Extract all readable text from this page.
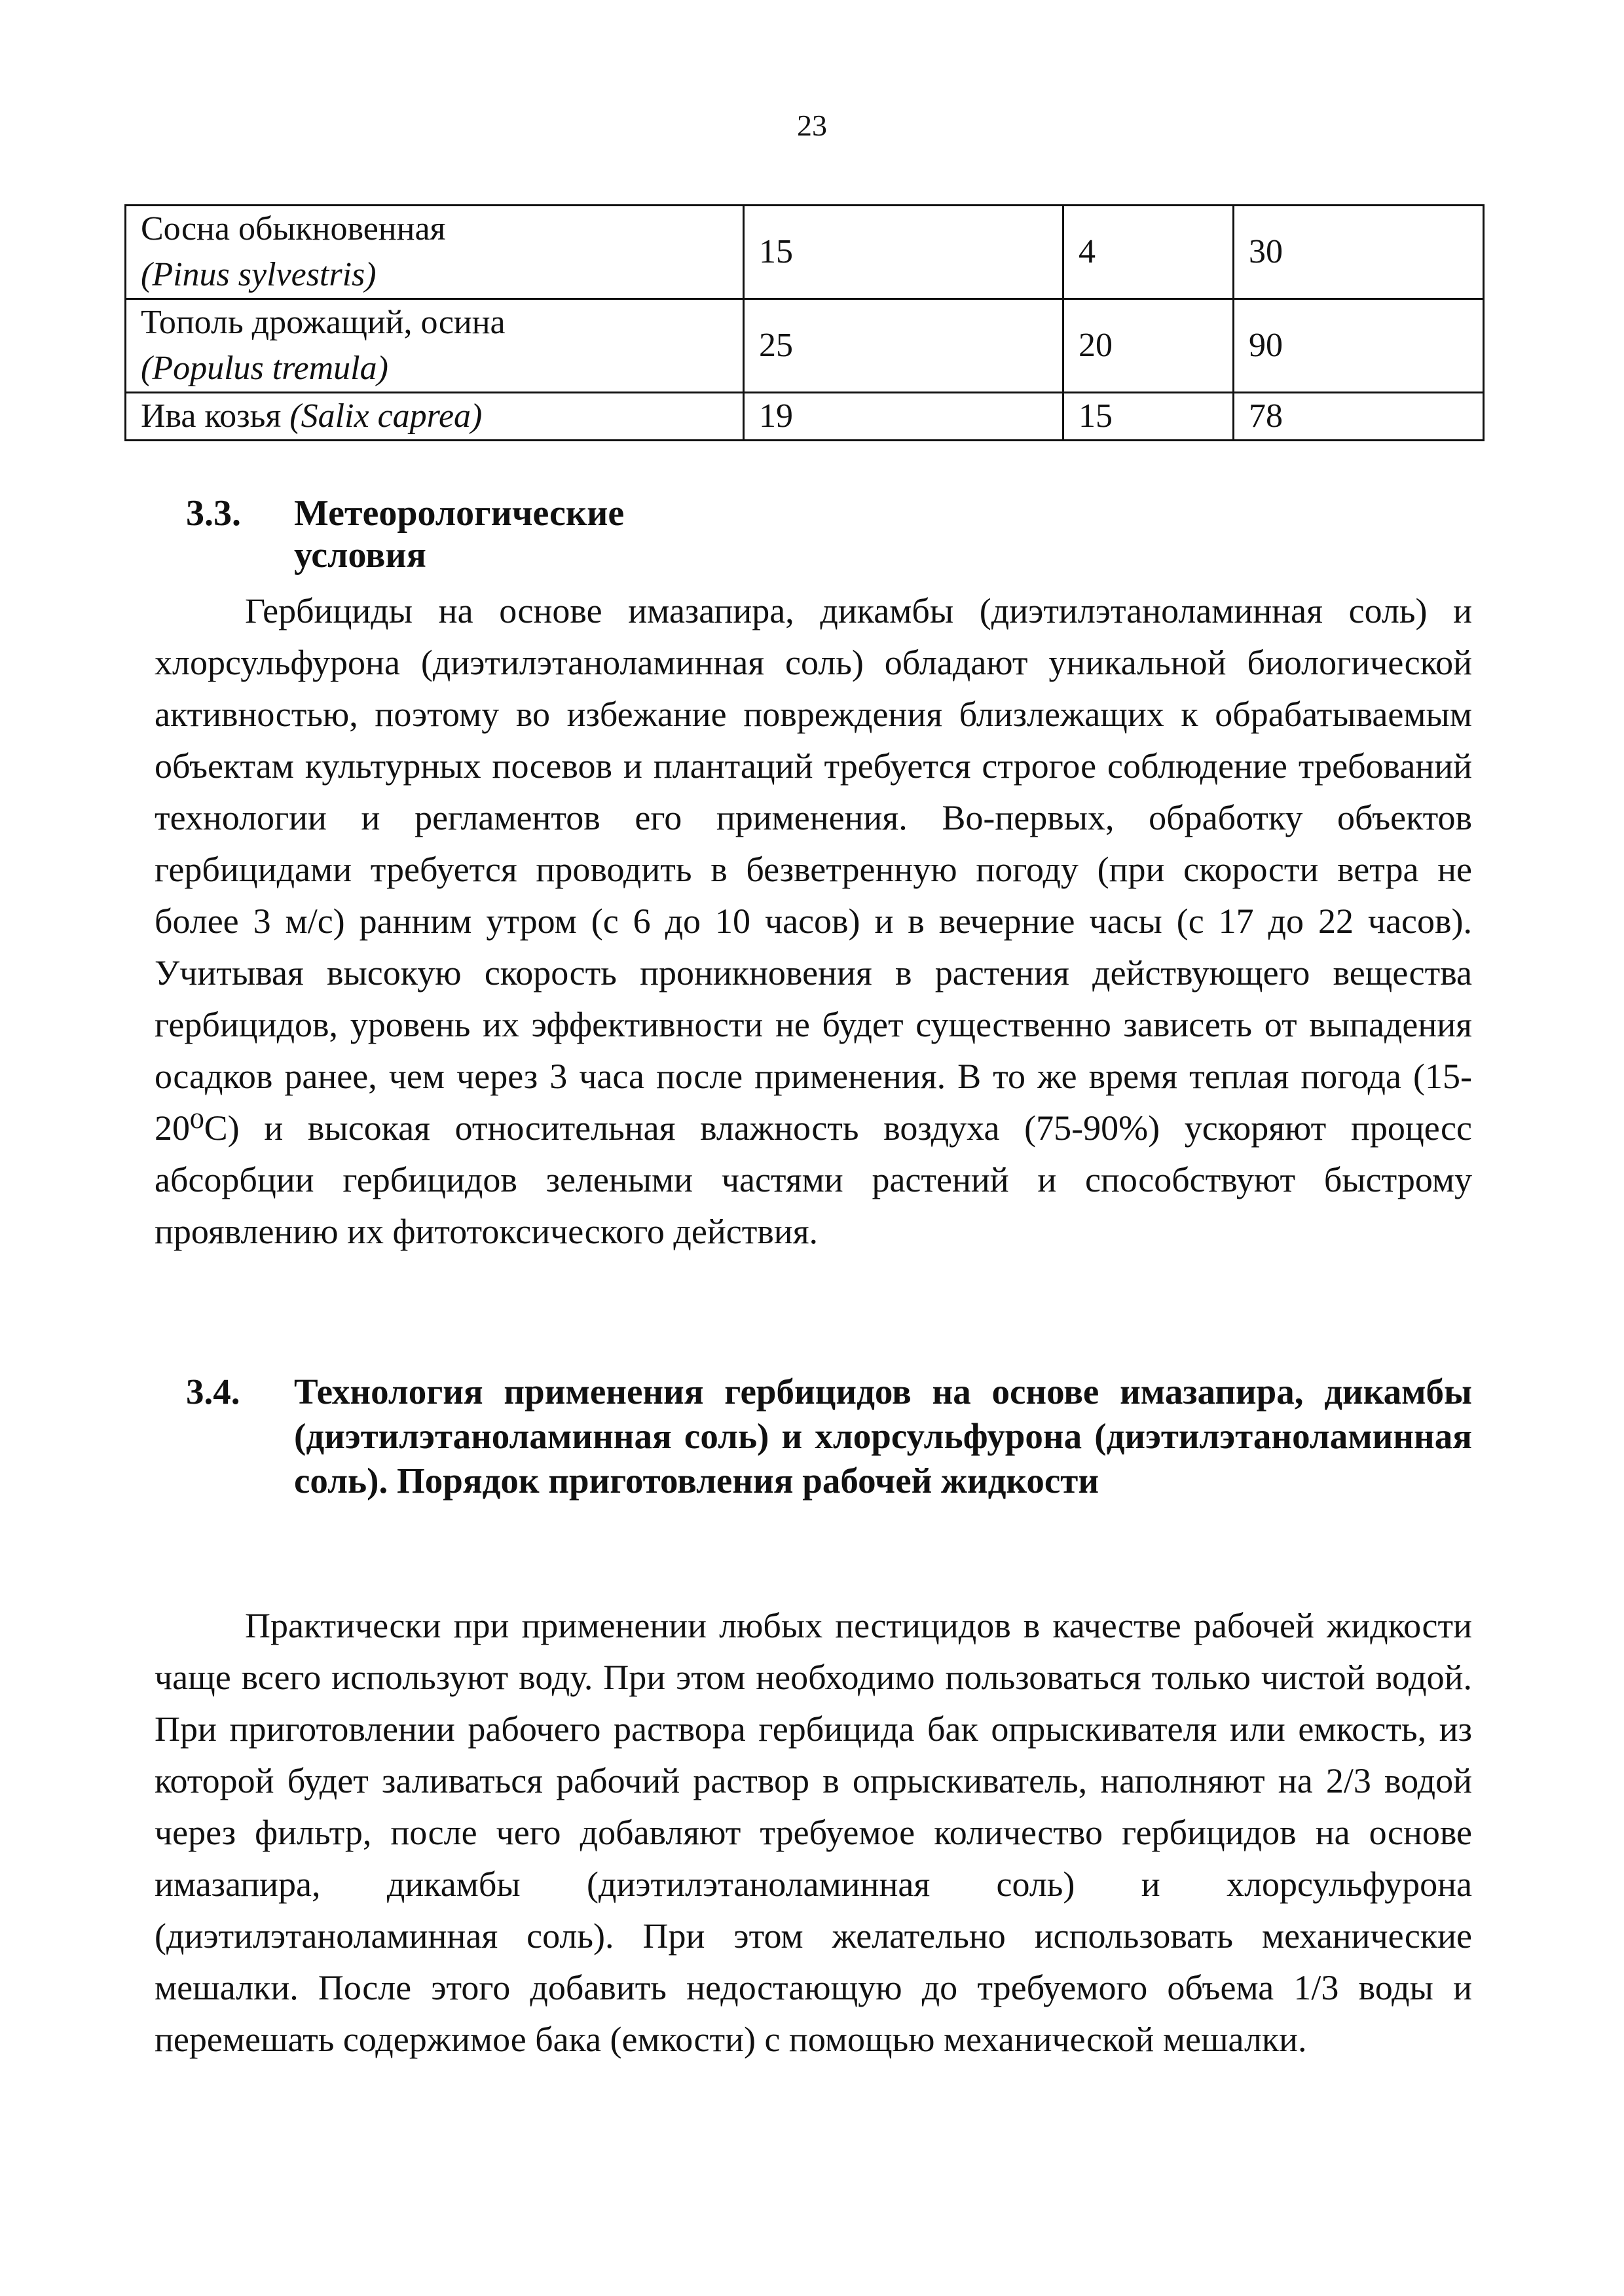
23
Сосна обыкновенная
(Pinus sylvestris)	15	4	30

Тополь дрожащий, осина
(Populus tremula)	25	20	90
Ива козья (Salix caprea)	19	15	78
3.3. Метеорологические условия

Гербициды на основе имазапира, дикамбы (диэтилэтаноламинная соль) и хлорсульфурона (диэтилэтаноламинная соль) обладают уникальной биологической активностью, поэтому во избежание повреждения близлежащих к обрабатываемым объектам культурных посевов и плантаций требуется строгое соблюдение требований технологии и регламентов его применения. Во-первых, обработку объектов гербицидами требуется проводить в безветренную погоду (при скорости ветра не более 3 м/с) ранним утром (с 6 до 10 часов) и в вечерние часы (с 17 до 22 часов). Учитывая высокую скорость проникновения в растения действующего вещества гербицидов, уровень их эффективности не будет существенно зависеть от выпадения осадков ранее, чем через 3 часа после применения. В то же время теплая погода (15-20⁰С) и высокая относительная влажность воздуха (75-90%) ускоряют процесс абсорбции гербицидов зелеными частями растений и способствуют быстрому проявлению их фитотоксического действия.

3.4. Технология применения гербицидов на основе имазапира, дикамбы (диэтилэтаноламинная соль) и хлорсульфурона (диэтилэтаноламинная соль). Порядок приготовления рабочей жидкости

Практически при применении любых пестицидов в качестве рабочей жидкости чаще всего используют воду. При этом необходимо пользоваться только чистой водой. При приготовлении рабочего раствора гербицида бак опрыскивателя или емкость, из которой будет заливаться рабочий раствор в опрыскиватель, наполняют на 2/3 водой через фильтр, после чего добавляют требуемое количество гербицидов на основе имазапира, дикамбы (диэтилэтаноламинная соль) и хлорсульфурона (диэтилэтаноламинная соль). При этом желательно использовать механические мешалки. После этого добавить недостающую до требуемого объема 1/3 воды и перемешать содержимое бака (емкости) с помощью механической мешалки.
